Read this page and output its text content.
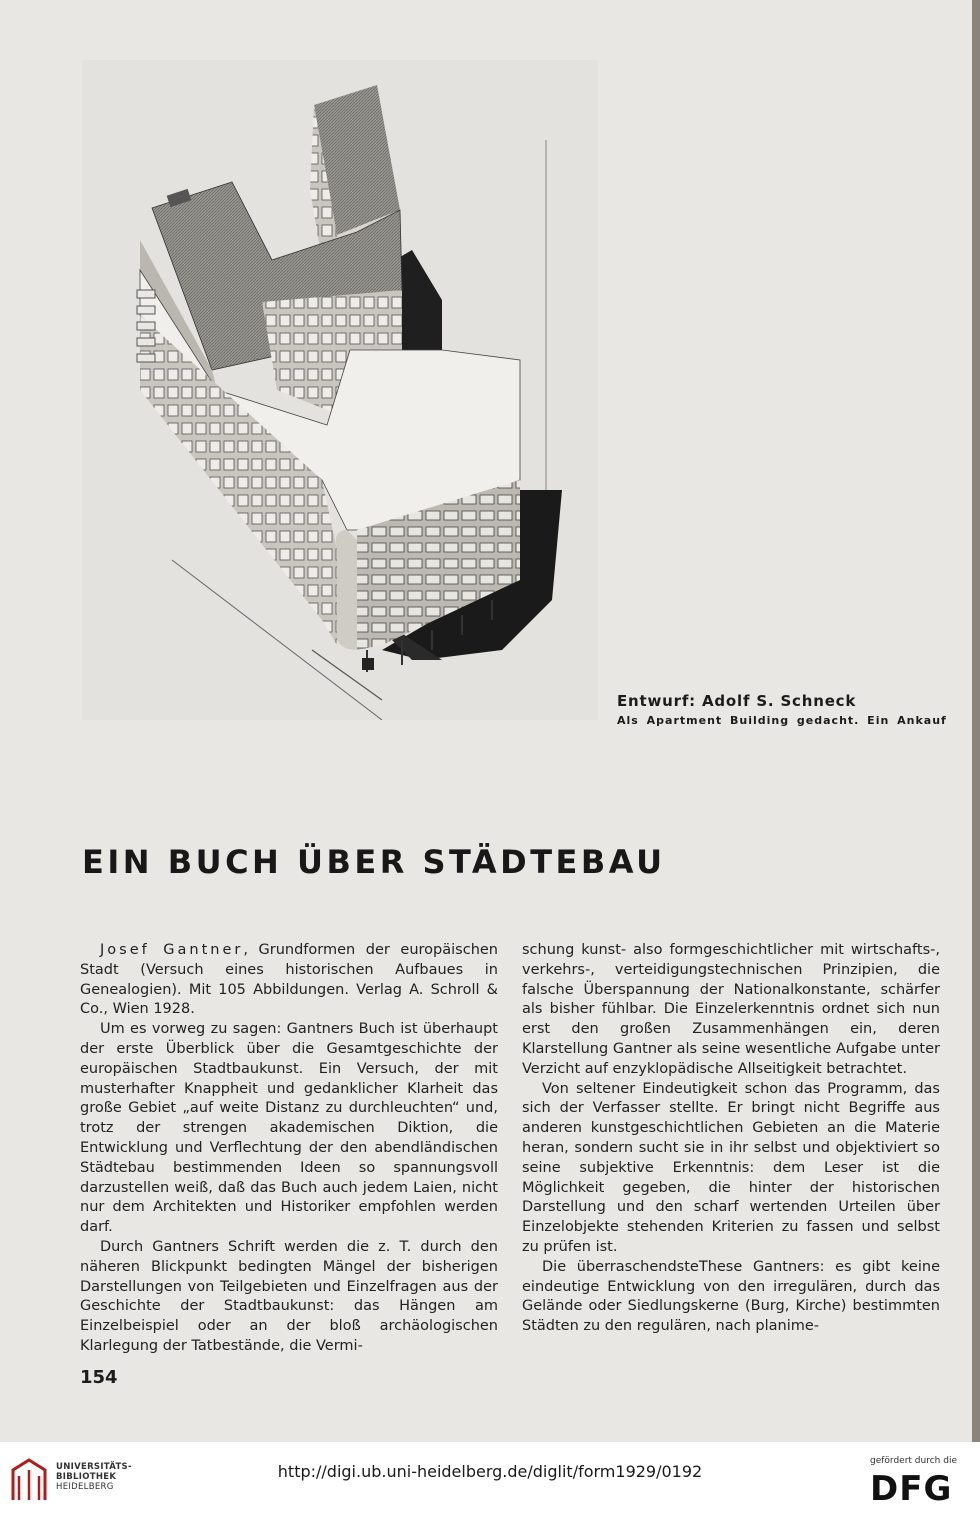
Entwurf: Adolf S. Schneck
Als Apartment Building gedacht. Ein Ankauf
EIN BUCH ÜBER STÄDTEBAU

Josef Gantner, Grundformen der europäischen Stadt (Versuch eines historischen Aufbaues in Genealogien). Mit 105 Abbildungen. Verlag A. Schroll & Co., Wien 1928.

Um es vorweg zu sagen: Gantners Buch ist überhaupt der erste Überblick über die Gesamtgeschichte der europäischen Stadtbaukunst. Ein Versuch, der mit musterhafter Knappheit und gedanklicher Klarheit das große Gebiet „auf weite Distanz zu durchleuchten“ und, trotz der strengen akademischen Diktion, die Entwicklung und Verflechtung der den abendländischen Städtebau bestimmenden Ideen so spannungsvoll darzustellen weiß, daß das Buch auch jedem Laien, nicht nur dem Architekten und Historiker empfohlen werden darf.

Durch Gantners Schrift werden die z. T. durch den näheren Blickpunkt bedingten Mängel der bisherigen Darstellungen von Teilgebieten und Einzelfragen aus der Geschichte der Stadtbaukunst: das Hängen am Einzelbeispiel oder an der bloß archäologischen Klarlegung der Tatbestände, die Vermi-

schung kunst- also formgeschichtlicher mit wirtschafts-, verkehrs-, verteidigungstechnischen Prinzipien, die falsche Überspannung der Nationalkonstante, schärfer als bisher fühlbar. Die Einzelerkenntnis ordnet sich nun erst den großen Zusammenhängen ein, deren Klarstellung Gantner als seine wesentliche Aufgabe unter Verzicht auf enzyklopädische Allseitigkeit betrachtet.

Von seltener Eindeutigkeit schon das Programm, das sich der Verfasser stellte. Er bringt nicht Begriffe aus anderen kunstgeschichtlichen Gebieten an die Materie heran, sondern sucht sie in ihr selbst und objektiviert so seine subjektive Erkenntnis: dem Leser ist die Möglichkeit gegeben, die hinter der historischen Darstellung und den scharf wertenden Urteilen über Einzelobjekte stehenden Kriterien zu fassen und selbst zu prüfen ist.

Die überraschendsteThese Gantners: es gibt keine eindeutige Entwicklung von den irregulären, durch das Gelände oder Siedlungskerne (Burg, Kirche) bestimmten Städten zu den regulären, nach planime-

154
UNIVERSITÄTS-
BIBLIOTHEK
HEIDELBERG
http://digi.ub.uni-heidelberg.de/diglit/form1929/0192
gefördert durch die
DFG
